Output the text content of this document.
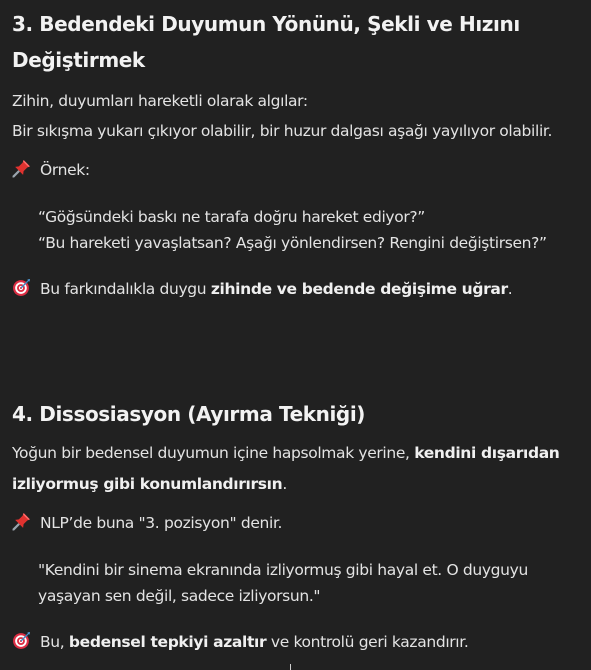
3. Bedendeki Duyumun Yönünü, Şekli ve Hızını
Değiştirmek
Zihin, duyumları hareketli olarak algılar:
Bir sıkışma yukarı çıkıyor olabilir, bir huzur dalgası aşağı yayılıyor olabilir.
Örnek:
“Göğsündeki baskı ne tarafa doğru hareket ediyor?”
“Bu hareketi yavaşlatsan? Aşağı yönlendirsen? Rengini değiştirsen?”
Bu farkındalıkla duygu zihinde ve bedende değişime uğrar.
4. Dissosiasyon (Ayırma Tekniği)
Yoğun bir bedensel duyumun içine hapsolmak yerine, kendini dışarıdan
izliyormuş gibi konumlandırırsın.
NLP’de buna "3. pozisyon" denir.
"Kendini bir sinema ekranında izliyormuş gibi hayal et. O duyguyu
yaşayan sen değil, sadece izliyorsun."
Bu, bedensel tepkiyi azaltır ve kontrolü geri kazandırır.
